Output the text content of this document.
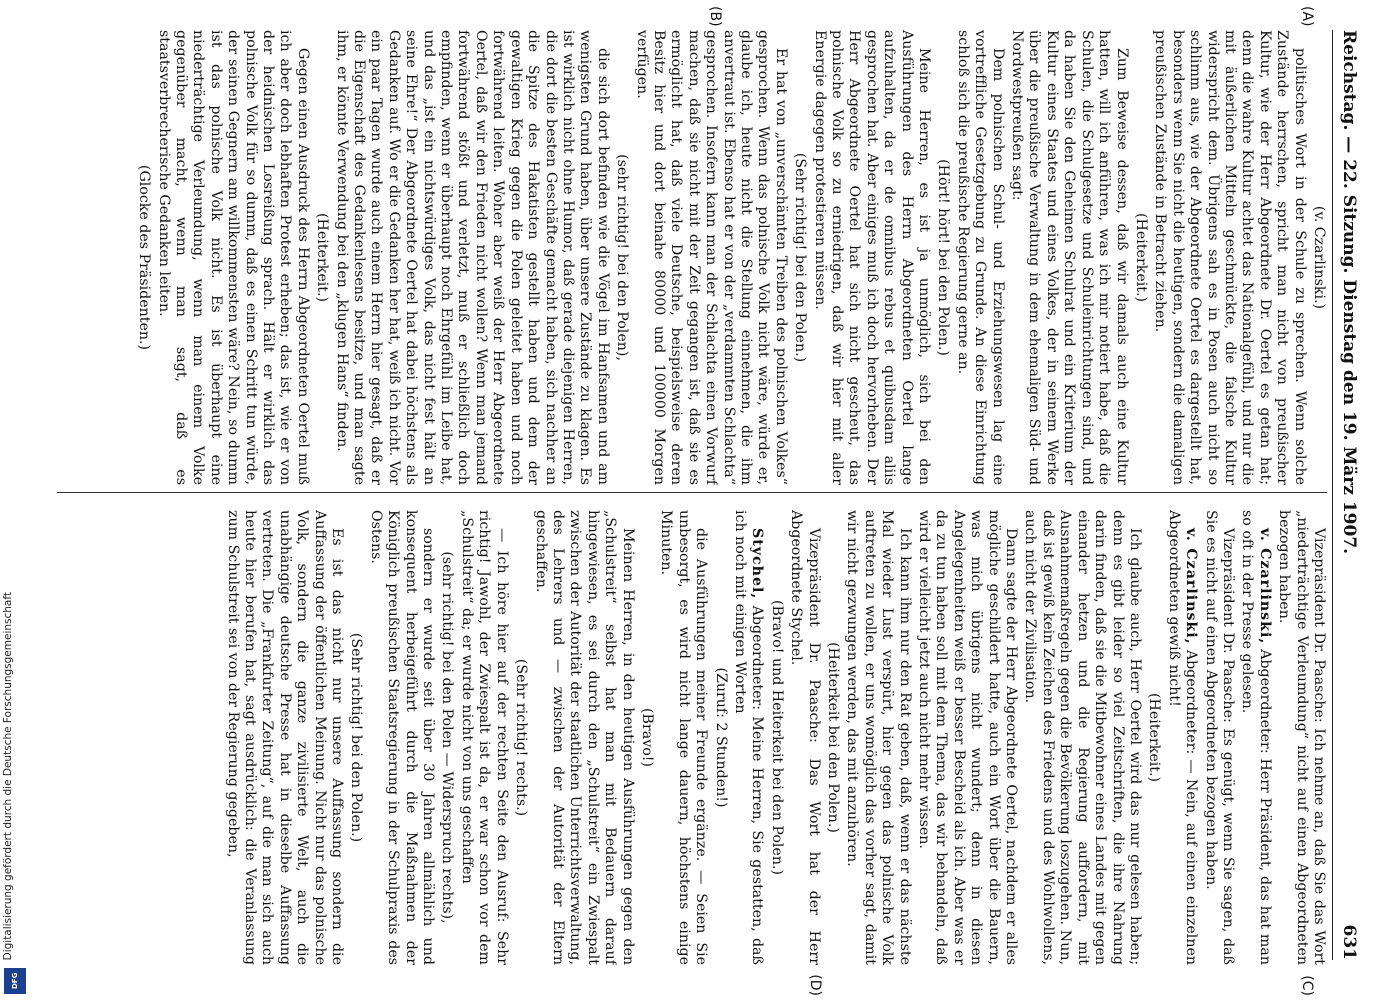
Digitalisierung gefördert durch die Deutsche Forschungsgemeinschaft
DFG
Reichstag. — 22. Sitzung. Dienstag den 19. März 1907.
631
(A)
(B)
(C)
(D)

(v. Czarlinski.)

politisches Wort in der Schule zu sprechen. Wenn solche Zustände herrschen, spricht man nicht von preußischer Kultur, wie der Herr Abgeordnete Dr. Oertel es getan hat; denn die wahre Kultur achtet das Nationalgefühl, und nur die mit äußerlichen Mitteln geschmückte, die falsche Kultur widerspricht dem. Übrigens sah es in Posen auch nicht so schlimm aus, wie der Abgeordnete Oertel es dargestellt hat, besonders wenn Sie nicht die heutigen, sondern die damaligen preußischen Zustände in Betracht ziehen.

(Heiterkeit.)

Zum Beweise dessen, daß wir damals auch eine Kultur hatten, will ich anführen, was ich mir notiert habe, daß die Schulen, die Schulgesetze und Schuleinrichtungen sind, und da haben Sie den Geheimen Schulrat und ein Kriterium der Kultur eines Staates und eines Volkes, der in seinem Werke über die preußische Verwaltung in dem ehemaligen Süd- und Nordwestpreußen sagt:

Dem polnischen Schul- und Erziehungswesen lag eine vortreffliche Gesetzgebung zu Grunde. An diese Einrichtung schloß sich die preußische Regierung gerne an.

(Hört! hört! bei den Polen.)

Meine Herren, es ist ja unmöglich, sich bei den Ausführungen des Herrn Abgeordneten Oertel lange aufzuhalten, da er de omnibus rebus et quibusdam aliis gesprochen hat. Aber einiges muß ich doch hervorheben. Der Herr Abgeordnete Oertel hat sich nicht gescheut, das polnische Volk so zu erniedrigen, daß wir hier mit aller Energie dagegen protestieren müssen.

(Sehr richtig! bei den Polen.)

Er hat von „unverschämten Treiben des polnischen Volkes“ gesprochen. Wenn das polnische Volk nicht wäre, würde er, glaube ich, heute nicht die Stellung einnehmen, die ihm anvertraut ist. Ebenso hat er von der „verdammten Schlachta“ gesprochen. Insofern kann man der Schlachta einen Vorwurf machen, daß sie nicht mit der Zeit gegangen ist, daß sie es ermöglicht hat, daß viele Deutsche, beispielsweise deren Besitz hier und dort beinahe 80000 und 100000 Morgen verfügen.

(sehr richtig! bei den Polen),

die sich dort befinden wie die Vögel im Hanfsamen und am wenigsten Grund haben, über unsere Zustände zu klagen. Es ist wirklich nicht ohne Humor, daß gerade diejenigen Herren, die dort die besten Geschäfte gemacht haben, sich nachher an die Spitze des Hakatisten gestellt haben und dem der gewaltigen Krieg gegen die Polen geleitet haben und noch fortwährend leiten. Woher aber weiß der Herr Abgeordnete Oertel, daß wir den Frieden nicht wollen? Wenn man jemand fortwährend stößt und verletzt, muß er schließlich doch empfinden, wenn er überhaupt noch Ehrgefühl im Leibe hat, und das „ist ein nichtswürdiges Volk, das nicht fest hält an seine Ehre!“ Der Abgeordnete Oertel hat dabei höchstens als Gedanken auf. Wo er die Gedanken her hat, weiß ich nicht. Vor ein paar Tagen wurde auch einem Herrn hier gesagt, daß er die Eigenschaft des Gedankenlesens besitze, und man sagte ihm, er könnte Verwendung bei den „klugen Hans“ finden.

(Heiterkeit.)

Gegen einen Ausdruck des Herrn Abgeordneten Oertel muß ich aber doch lebhaften Protest erheben; das ist, wie er von der heidnischen Losreißung sprach. Hält er wirklich das polnische Volk für so dumm, daß es einen Schritt tun würde, der seinen Gegnern am willkommensten wäre? Nein, so dumm ist das polnische Volk nicht. Es ist überhaupt eine niederträchtige Verleumdung, wenn man einem Volke gegenüber macht, wenn man sagt, daß es staatsverbrecherische Gedanken leiten.

(Glocke des Präsidenten.)

Vizepräsident Dr. Paasche: Ich nehme an, daß Sie das Wort „niederträchtige Verleumdung“ nicht auf einen Abgeordneten bezogen haben.

v. Czarlinski, Abgeordneter: Herr Präsident, das hat man so oft in der Presse gelesen.

Vizepräsident Dr. Paasche: Es genügt, wenn Sie sagen, daß Sie es nicht auf einen Abgeordneten bezogen haben.

v. Czarlinski, Abgeordneter: — Nein, auf einen einzelnen Abgeordneten gewiß nicht!

(Heiterkeit.)

Ich glaube auch, Herr Oertel wird das nur gelesen haben; denn es gibt leider so viel Zeitschriften, die ihre Nahrung darin finden, daß sie die Mitbewohner eines Landes mit gegen einander hetzen und die Regierung auffordern, mit Ausnahmemaßregeln gegen die Bevölkerung loszugehen. Nun, daß ist gewiß kein Zeichen des Friedens und des Wohlwollens, auch nicht der Zivilisation.

Dann sagte der Herr Abgeordnete Oertel, nachdem er alles mögliche geschildert hatte, auch ein Wort über die Bauern, was mich übrigens nicht wundert; denn in diesen Angelegenheiten weiß er besser Bescheid als ich. Aber was er da zu tun haben soll mit dem Thema, das wir behandeln, daß wird er vielleicht jetzt auch nicht mehr wissen.

Ich kann ihm nur den Rat geben, daß, wenn er das nächste Mal wieder Lust verspürt, hier gegen das polnische Volk auftreten zu wollen, er uns womöglich das vorher sagt, damit wir nicht gezwungen werden, das mit anzuhören.

(Heiterkeit bei den Polen.)

Vizepräsident Dr. Paasche: Das Wort hat der Herr Abgeordnete Stychel.

(Bravo! und Heiterkeit bei den Polen.)

Stychel, Abgeordneter: Meine Herren, Sie gestatten, daß ich noch mit einigen Worten

(Zuruf: 2 Stunden!)

die Ausführungen meiner Freunde ergänze. — Seien Sie unbesorgt, es wird nicht lange dauern, höchstens einige Minuten.

(Bravo!)

Meinen Herren, in den heutigen Ausführungen gegen den „Schulstreit“ selbst hat man mit Bedauern darauf hingewiesen, es sei durch den „Schulstreit“ ein Zwiespalt zwischen der Autorität der staatlichen Unterrichtsverwaltung, des Lehrers und — zwischen der Autorität der Eltern geschaffen.

(Sehr richtig! rechts.)

— Ich höre hier auf der rechten Seite den Ausruf: Sehr richtig! Jawohl, der Zwiespalt ist da, er war schon vor dem „Schulstreit“ da; er wurde nicht von uns geschaffen

(sehr richtig! bei den Polen — Widerspruch rechts),

sondern er wurde seit über 30 Jahren allmählich und konsequent herbeigeführt durch die Maßnahmen der Königlich preußischen Staatsregierung in der Schulpraxis des Ostens.

(Sehr richtig! bei den Polen.)

Es ist das nicht nur unsere Auffassung sondern die Auffassung der öffentlichen Meinung. Nicht nur das polnische Volk, sondern die ganze zivilisierte Welt, auch die unabhängige deutsche Presse hat in dieselbe Auffassung vertreten. Die „Frankfurter Zeitung“, auf die man sich auch heute hier berufen hat, sagt ausdrücklich: die Veranlassung zum Schulstreit sei von der Regierung gegeben,
